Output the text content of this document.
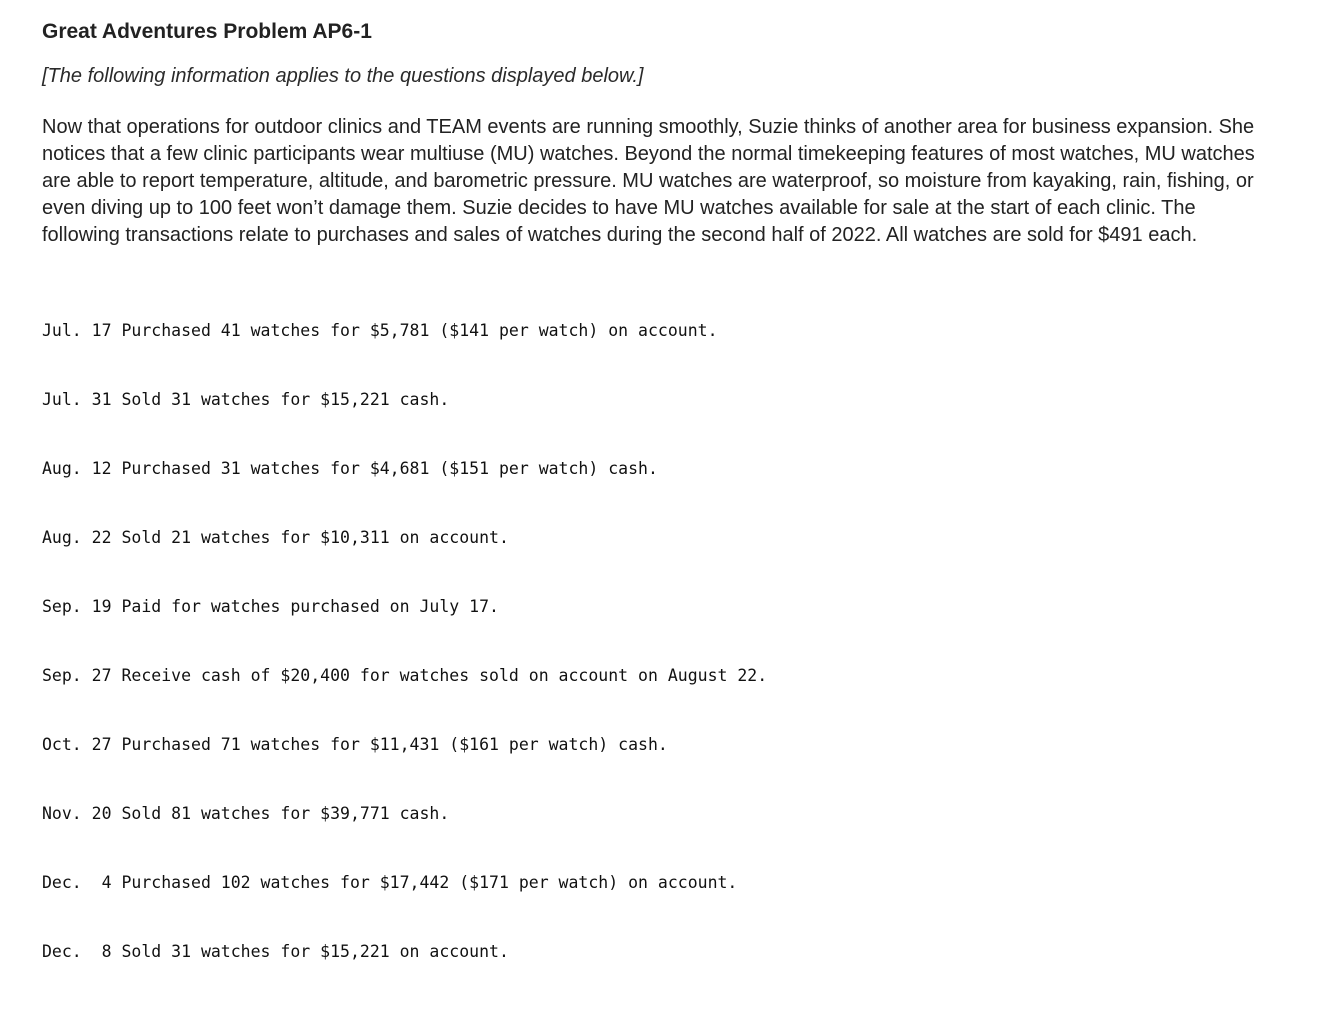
Great Adventures Problem AP6-1

[The following information applies to the questions displayed below.]

Now that operations for outdoor clinics and TEAM events are running smoothly, Suzie thinks of another area for business expansion. She notices that a few clinic participants wear multiuse (MU) watches. Beyond the normal timekeeping features of most watches, MU watches are able to report temperature, altitude, and barometric pressure. MU watches are waterproof, so moisture from kayaking, rain, fishing, or even diving up to 100 feet won’t damage them. Suzie decides to have MU watches available for sale at the start of each clinic. The following transactions relate to purchases and sales of watches during the second half of 2022. All watches are sold for $491 each.

Jul. 17 Purchased 41 watches for $5,781 ($141 per watch) on account.

Jul. 31 Sold 31 watches for $15,221 cash.

Aug. 12 Purchased 31 watches for $4,681 ($151 per watch) cash.

Aug. 22 Sold 21 watches for $10,311 on account.

Sep. 19 Paid for watches purchased on July 17.

Sep. 27 Receive cash of $20,400 for watches sold on account on August 22.

Oct. 27 Purchased 71 watches for $11,431 ($161 per watch) cash.

Nov. 20 Sold 81 watches for $39,771 cash.

Dec.  4 Purchased 102 watches for $17,442 ($171 per watch) on account.

Dec.  8 Sold 31 watches for $15,221 on account.
